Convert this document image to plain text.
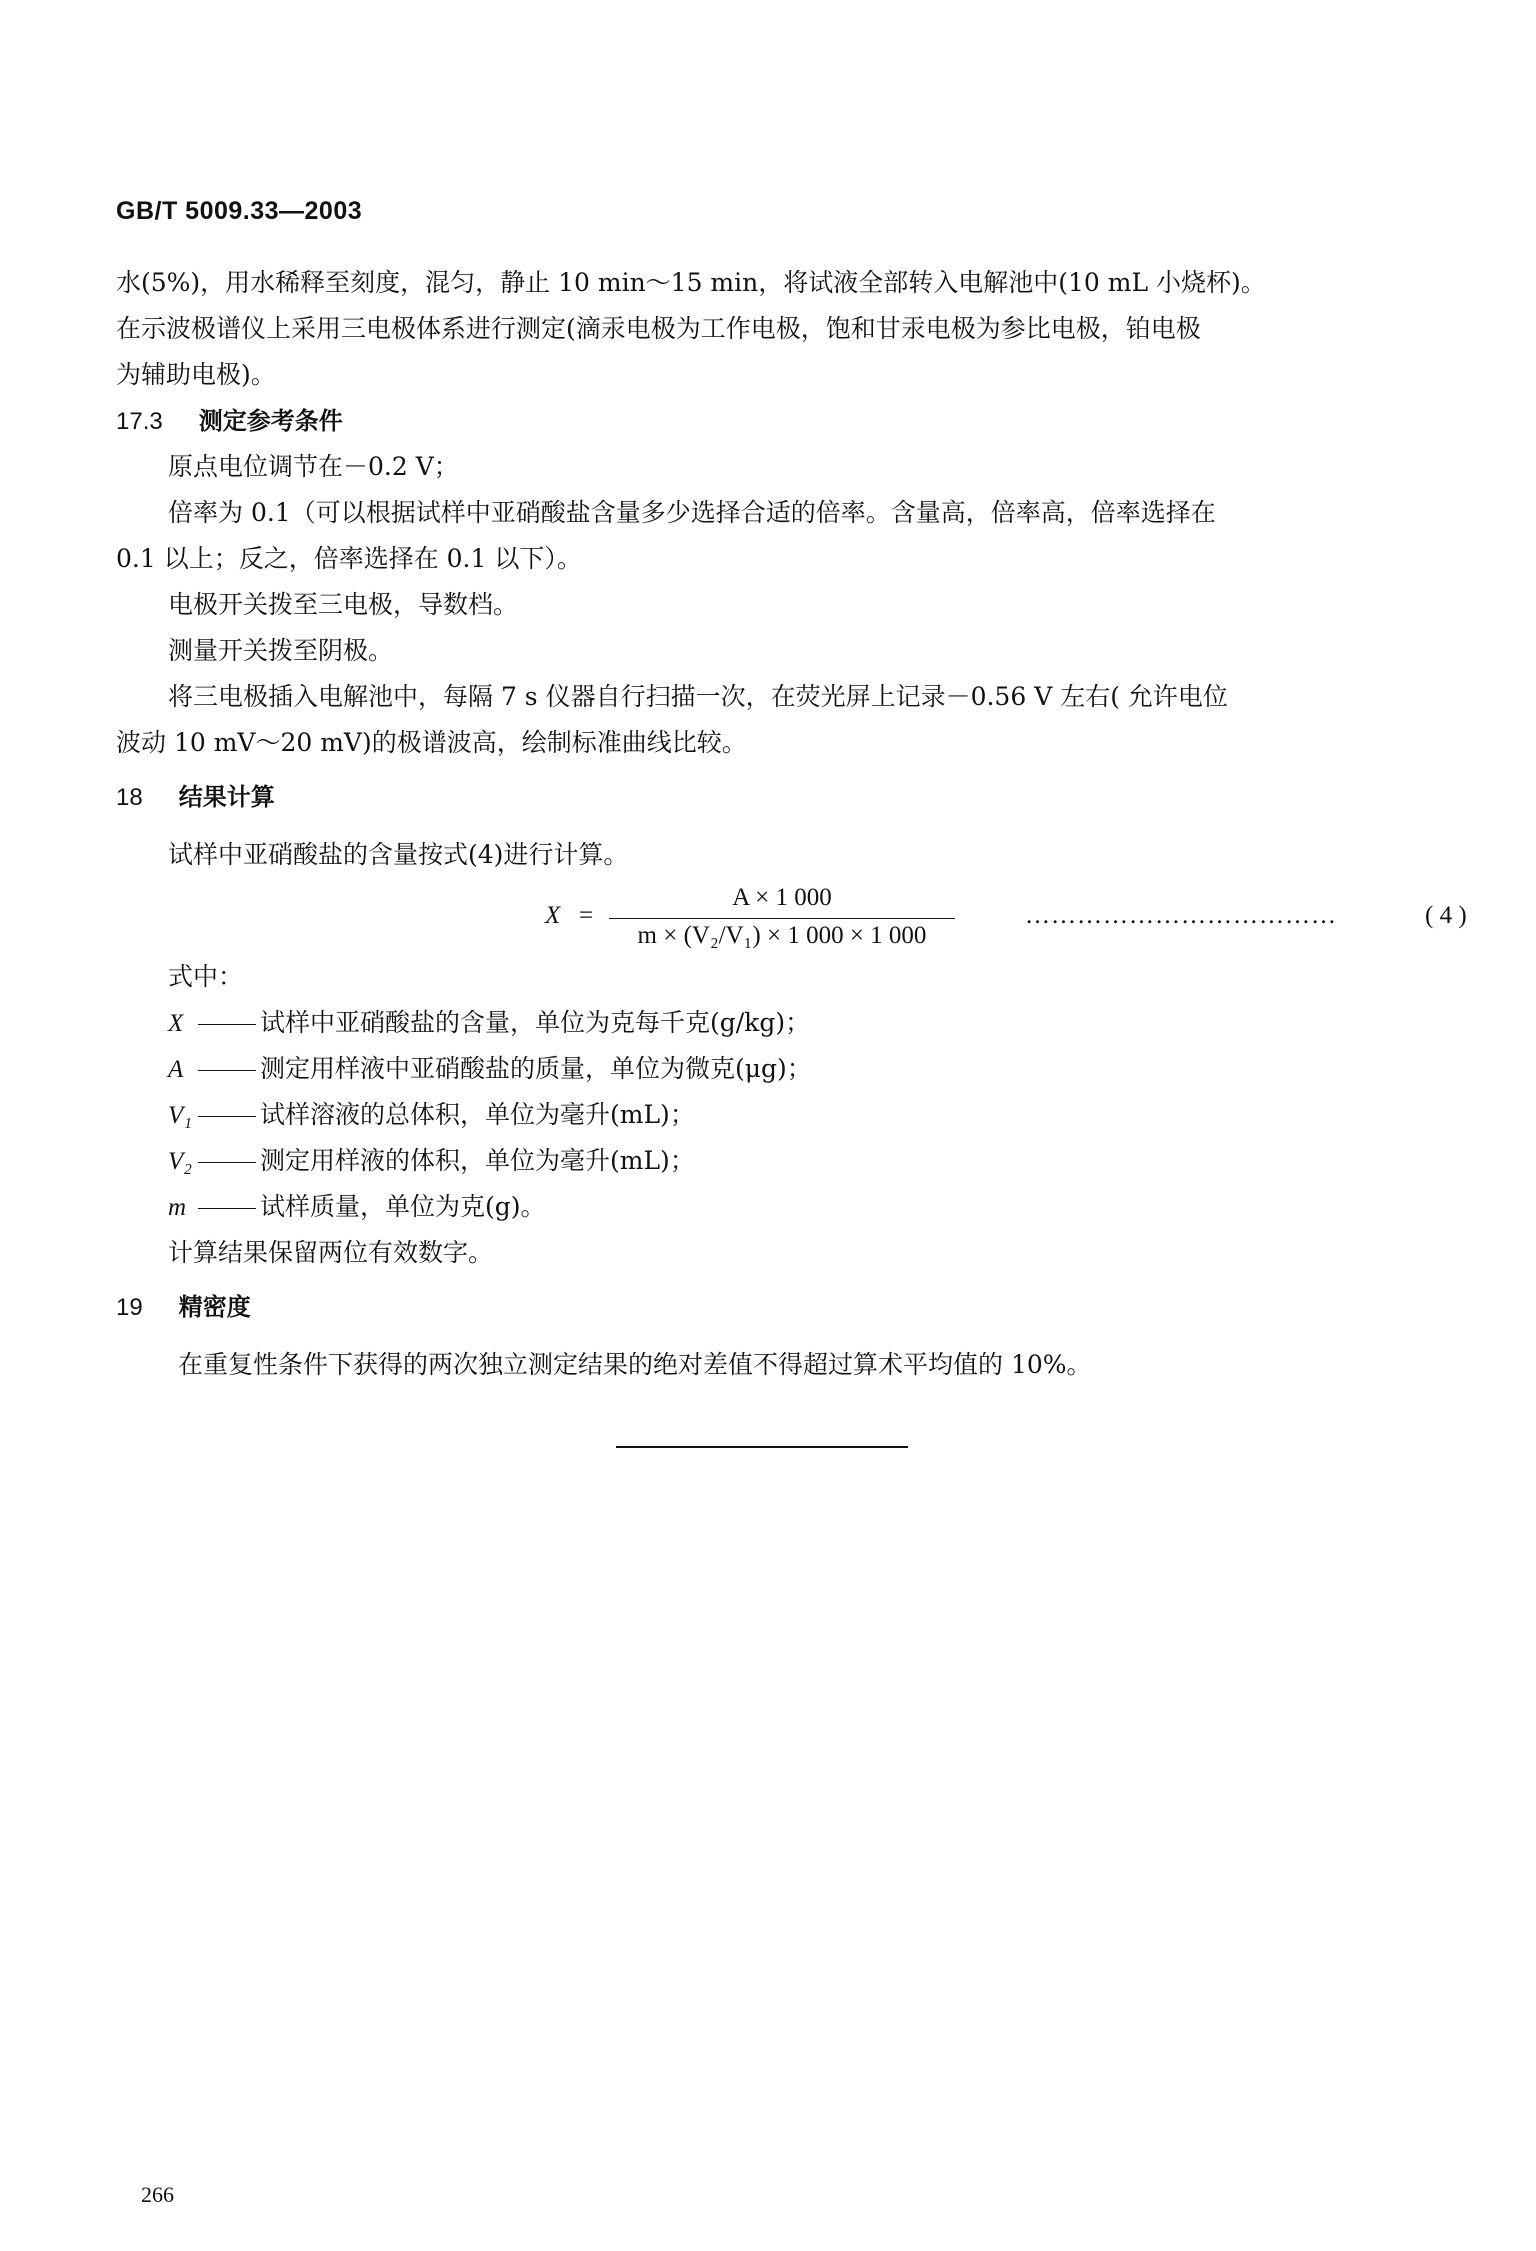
GB/T 5009.33—2003
水(5%)，用水稀释至刻度，混匀，静止 10 min～15 min，将试液全部转入电解池中(10 mL 小烧杯)。
在示波极谱仪上采用三电极体系进行测定(滴汞电极为工作电极，饱和甘汞电极为参比电极，铂电极
为辅助电极)。
17.3 测定参考条件
原点电位调节在－0.2 V；
倍率为 0.1（可以根据试样中亚硝酸盐含量多少选择合适的倍率。含量高，倍率高，倍率选择在
0.1 以上；反之，倍率选择在 0.1 以下）。
电极开关拨至三电极，导数档。
测量开关拨至阴极。
将三电极插入电解池中，每隔 7 s 仪器自行扫描一次，在荧光屏上记录－0.56 V 左右( 允许电位
波动 10 mV～20 mV)的极谱波高，绘制标准曲线比较。
18 结果计算
试样中亚硝酸盐的含量按式(4)进行计算。
X =
A × 1 000
m × (V₂/V₁) × 1 000 × 1 000
………………………………	( 4 )
式中：
X	试样中亚硝酸盐的含量，单位为克每千克(g/kg)；
A	测定用样液中亚硝酸盐的质量，单位为微克(μg)；
V₁	试样溶液的总体积，单位为毫升(mL)；
V₂	测定用样液的体积，单位为毫升(mL)；
m	试样质量，单位为克(g)。
计算结果保留两位有效数字。
19 精密度
在重复性条件下获得的两次独立测定结果的绝对差值不得超过算术平均值的 10%。
266
